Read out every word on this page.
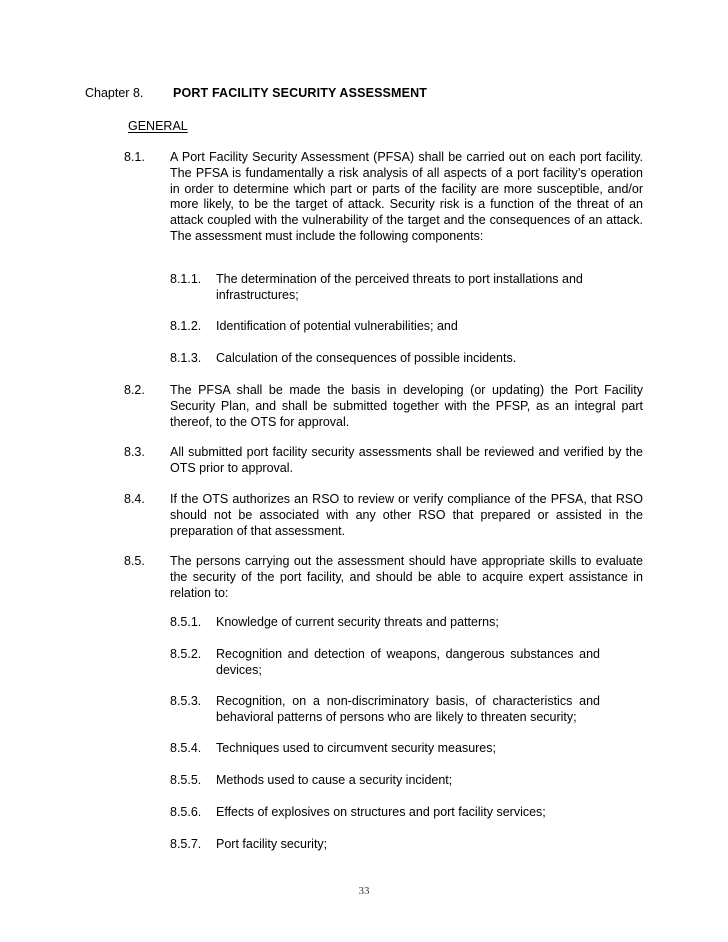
Chapter 8. PORT FACILITY SECURITY ASSESSMENT
GENERAL
8.1.	A Port Facility Security Assessment (PFSA) shall be carried out on each port facility. The PFSA is fundamentally a risk analysis of all aspects of a port facility’s operation in order to determine which part or parts of the facility are more susceptible, and/or more likely, to be the target of attack. Security risk is a function of the threat of an attack coupled with the vulnerability of the target and the consequences of an attack. The assessment must include the following components:
8.1.1.	The determination of the perceived threats to port installations and infrastructures;
8.1.2.	Identification of potential vulnerabilities; and
8.1.3.	Calculation of the consequences of possible incidents.
8.2.	The PFSA shall be made the basis in developing (or updating) the Port Facility Security Plan, and shall be submitted together with the PFSP, as an integral part thereof, to the OTS for approval.
8.3.	All submitted port facility security assessments shall be reviewed and verified by the OTS prior to approval.
8.4.	If the OTS authorizes an RSO to review or verify compliance of the PFSA, that RSO should not be associated with any other RSO that prepared or assisted in the preparation of that assessment.
8.5.	The persons carrying out the assessment should have appropriate skills to evaluate the security of the port facility, and should be able to acquire expert assistance in relation to:
8.5.1.	Knowledge of current security threats and patterns;
8.5.2.	Recognition and detection of weapons, dangerous substances and devices;
8.5.3.	Recognition, on a non-discriminatory basis, of characteristics and behavioral patterns of persons who are likely to threaten security;
8.5.4.	Techniques used to circumvent security measures;
8.5.5.	Methods used to cause a security incident;
8.5.6.	Effects of explosives on structures and port facility services;
8.5.7.	Port facility security;
33
